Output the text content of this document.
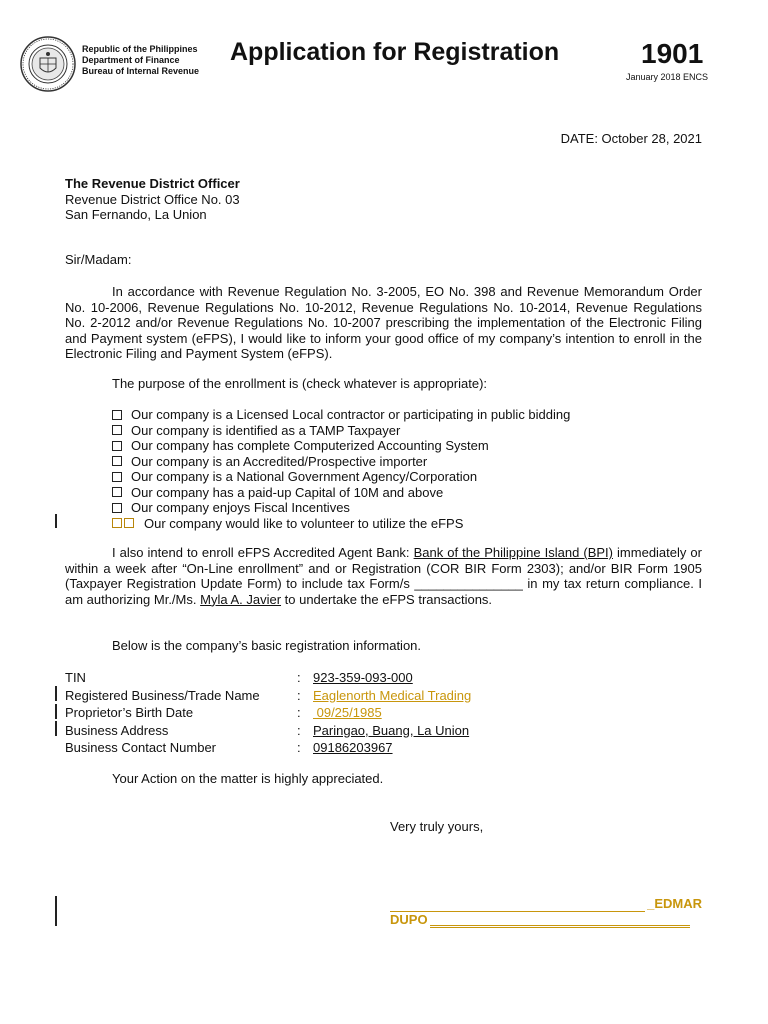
Republic of the Philippines
Department of Finance
Bureau of Internal Revenue
Application for Registration	1901
January 2018 ENCS
DATE: October 28, 2021
The Revenue District Officer
Revenue District Office No. 03
San Fernando, La Union
Sir/Madam:
In accordance with Revenue Regulation No. 3-2005, EO No. 398 and Revenue Memorandum Order No. 10-2006, Revenue Regulations No. 10-2012, Revenue Regulations No. 10-2014, Revenue Regulations No. 2-2012 and/or Revenue Regulations No. 10-2007 prescribing the implementation of the Electronic Filing and Payment system (eFPS), I would like to inform your good office of my company’s intention to enroll in the Electronic Filing and Payment System (eFPS).
The purpose of the enrollment is (check whatever is appropriate):
Our company is a Licensed Local contractor or participating in public bidding
Our company is identified as a TAMP Taxpayer
Our company has complete Computerized Accounting System
Our company is an Accredited/Prospective importer
Our company is a National Government Agency/Corporation
Our company has a paid-up Capital of 10M and above
Our company enjoys Fiscal Incentives
Our company would like to volunteer to utilize the eFPS
I also intend to enroll eFPS Accredited Agent Bank: Bank of the Philippine Island (BPI) immediately or within a week after “On-Line enrollment” and or Registration (COR BIR Form 2303); and/or BIR Form 1905 (Taxpayer Registration Update Form) to include tax Form/s _______________ in my tax return compliance. I am authorizing Mr./Ms. Myla A. Javier to undertake the eFPS transactions.
Below is the company’s basic registration information.
TIN	: 923-359-093-000
Registered Business/Trade Name	: Eaglenorth Medical Trading
Proprietor’s Birth Date	: 09/25/1985
Business Address	: Paringao, Buang, La Union
Business Contact Number	: 09186203967
Your Action on the matter is highly appreciated.
Very truly yours,
_EDMAR
DUPO
